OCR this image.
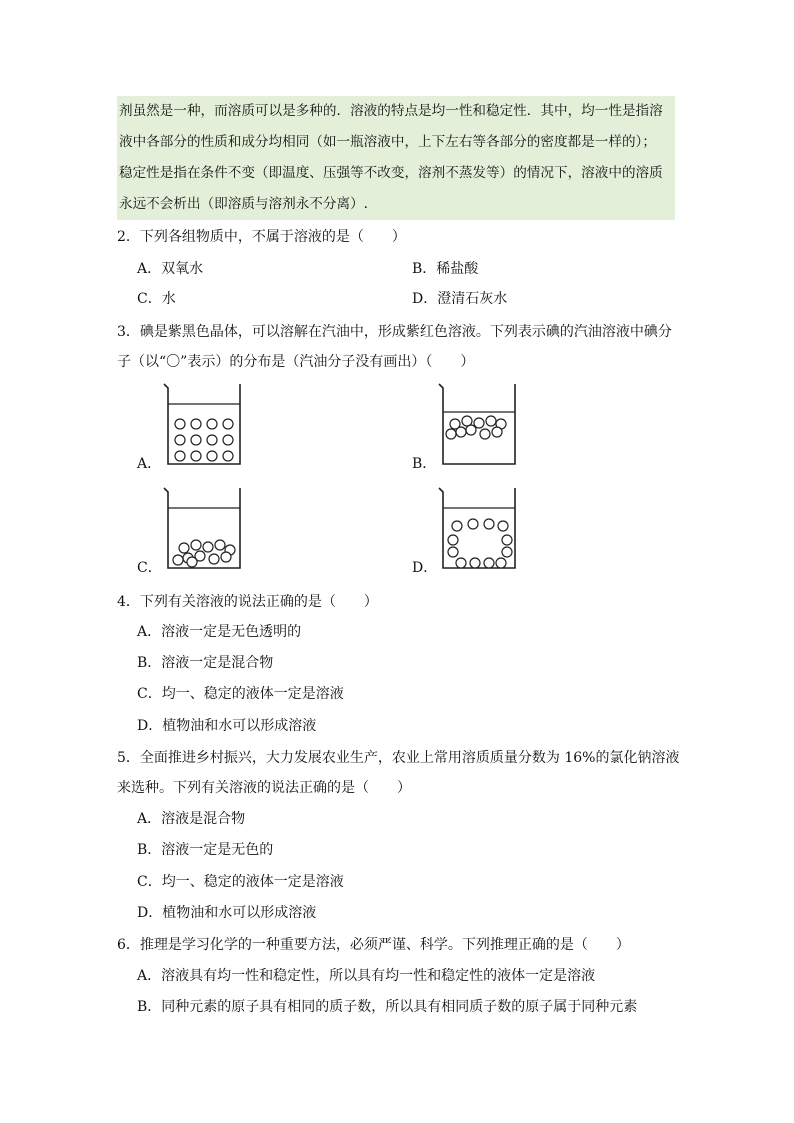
剂虽然是一种，而溶质可以是多种的．溶液的特点是均一性和稳定性．其中，均一性是指溶
液中各部分的性质和成分均相同（如一瓶溶液中，上下左右等各部分的密度都是一样的）；
稳定性是指在条件不变（即温度、压强等不改变，溶剂不蒸发等）的情况下，溶液中的溶质
永远不会析出（即溶质与溶剂永不分离）.
2．下列各组物质中，不属于溶液的是（　　）
A．双氧水	B．稀盐酸
C．水	D．澄清石灰水
3．碘是紫黑色晶体，可以溶解在汽油中，形成紫红色溶液。下列表示碘的汽油溶液中碘分
子（以“〇”表示）的分布是（汽油分子没有画出）（　　）
A．	B．
C．	D．
4．下列有关溶液的说法正确的是（　　）
A．溶液一定是无色透明的
B．溶液一定是混合物
C．均一、稳定的液体一定是溶液
D．植物油和水可以形成溶液
5．全面推进乡村振兴，大力发展农业生产，农业上常用溶质质量分数为 16%的氯化钠溶液
来选种。下列有关溶液的说法正确的是（　　）
A．溶液是混合物
B．溶液一定是无色的
C．均一、稳定的液体一定是溶液
D．植物油和水可以形成溶液
6．推理是学习化学的一种重要方法，必须严谨、科学。下列推理正确的是（　　）
A．溶液具有均一性和稳定性，所以具有均一性和稳定性的液体一定是溶液
B．同种元素的原子具有相同的质子数，所以具有相同质子数的原子属于同种元素
